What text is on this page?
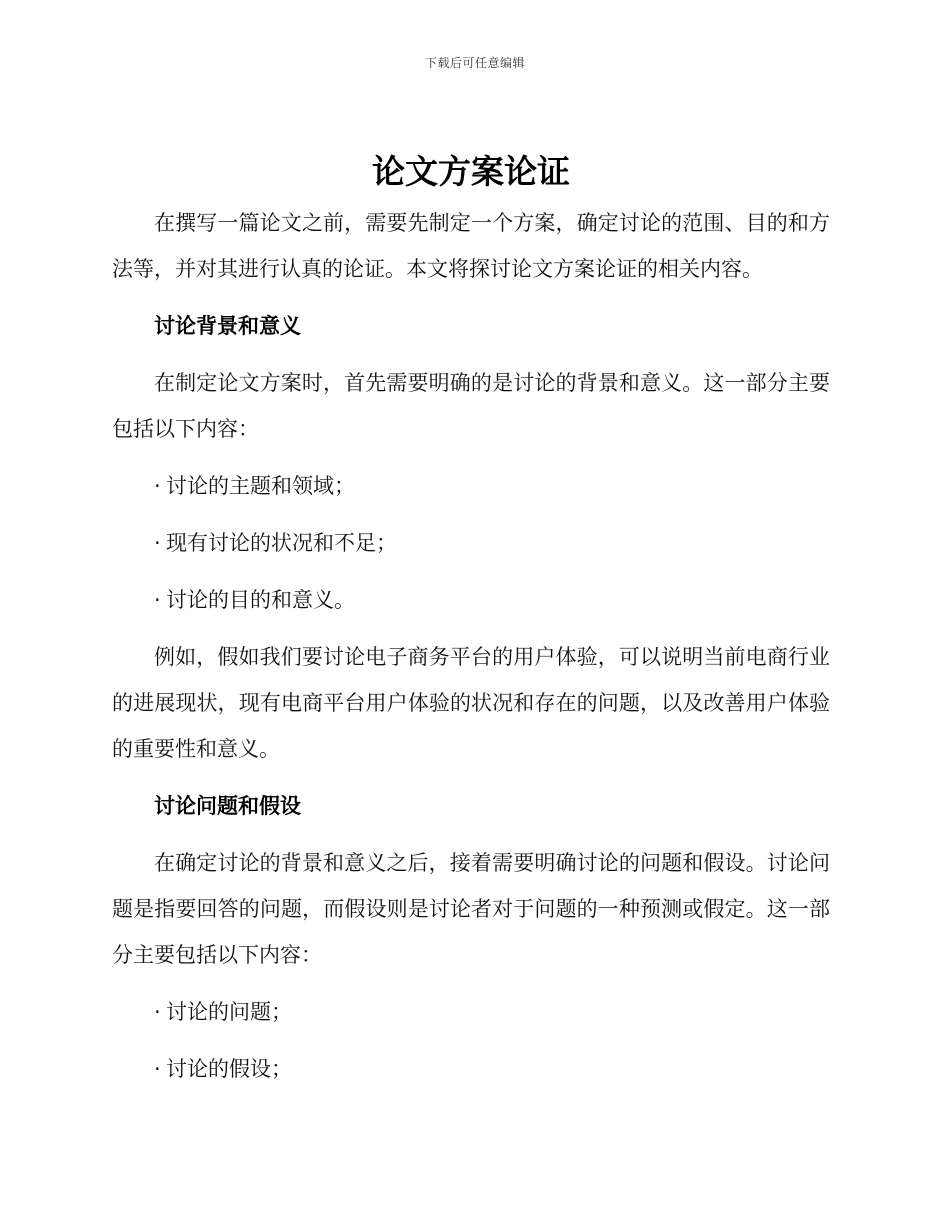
下载后可任意编辑
论文方案论证

在撰写一篇论文之前，需要先制定一个方案，确定讨论的范围、目的和方法等，并对其进行认真的论证。本文将探讨论文方案论证的相关内容。

讨论背景和意义

在制定论文方案时，首先需要明确的是讨论的背景和意义。这一部分主要包括以下内容：

· 讨论的主题和领域；

· 现有讨论的状况和不足；

· 讨论的目的和意义。

例如，假如我们要讨论电子商务平台的用户体验，可以说明当前电商行业的进展现状，现有电商平台用户体验的状况和存在的问题，以及改善用户体验的重要性和意义。

讨论问题和假设

在确定讨论的背景和意义之后，接着需要明确讨论的问题和假设。讨论问题是指要回答的问题，而假设则是讨论者对于问题的一种预测或假定。这一部分主要包括以下内容：

· 讨论的问题；

· 讨论的假设；
